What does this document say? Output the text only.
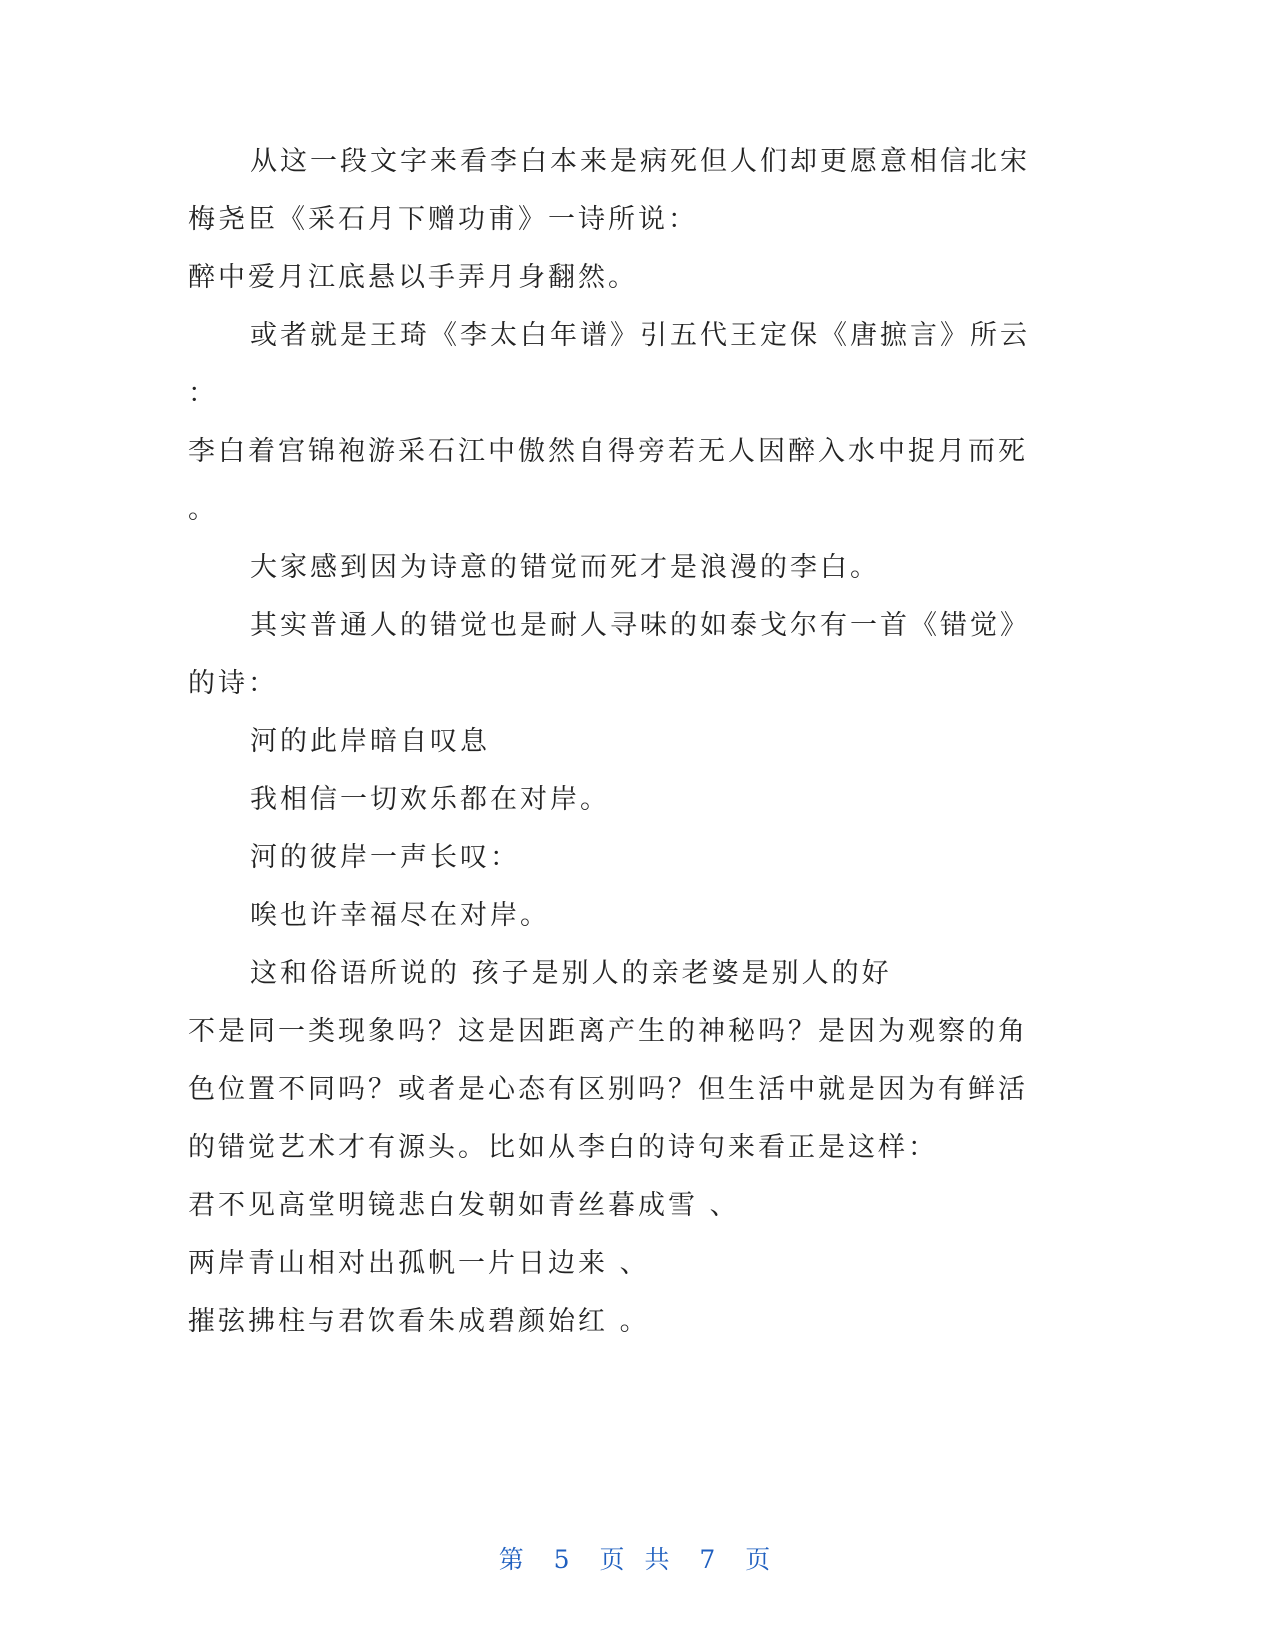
从这一段文字来看李白本来是病死但人们却更愿意相信北宋
梅尧臣《采石月下赠功甫》一诗所说：
醉中爱月江底悬以手弄月身翻然。
或者就是王琦《李太白年谱》引五代王定保《唐摭言》所云
：
李白着宫锦袍游采石江中傲然自得旁若无人因醉入水中捉月而死
。
大家感到因为诗意的错觉而死才是浪漫的李白。
其实普通人的错觉也是耐人寻味的如泰戈尔有一首《错觉》
的诗：
河的此岸暗自叹息
我相信一切欢乐都在对岸。
河的彼岸一声长叹：
唉也许幸福尽在对岸。
这和俗语所说的 孩子是别人的亲老婆是别人的好
不是同一类现象吗？这是因距离产生的神秘吗？是因为观察的角
色位置不同吗？或者是心态有区别吗？但生活中就是因为有鲜活
的错觉艺术才有源头。比如从李白的诗句来看正是这样：
君不见高堂明镜悲白发朝如青丝暮成雪 、
两岸青山相对出孤帆一片日边来 、
摧弦拂柱与君饮看朱成碧颜始红 。
第 5 页 共 7 页
